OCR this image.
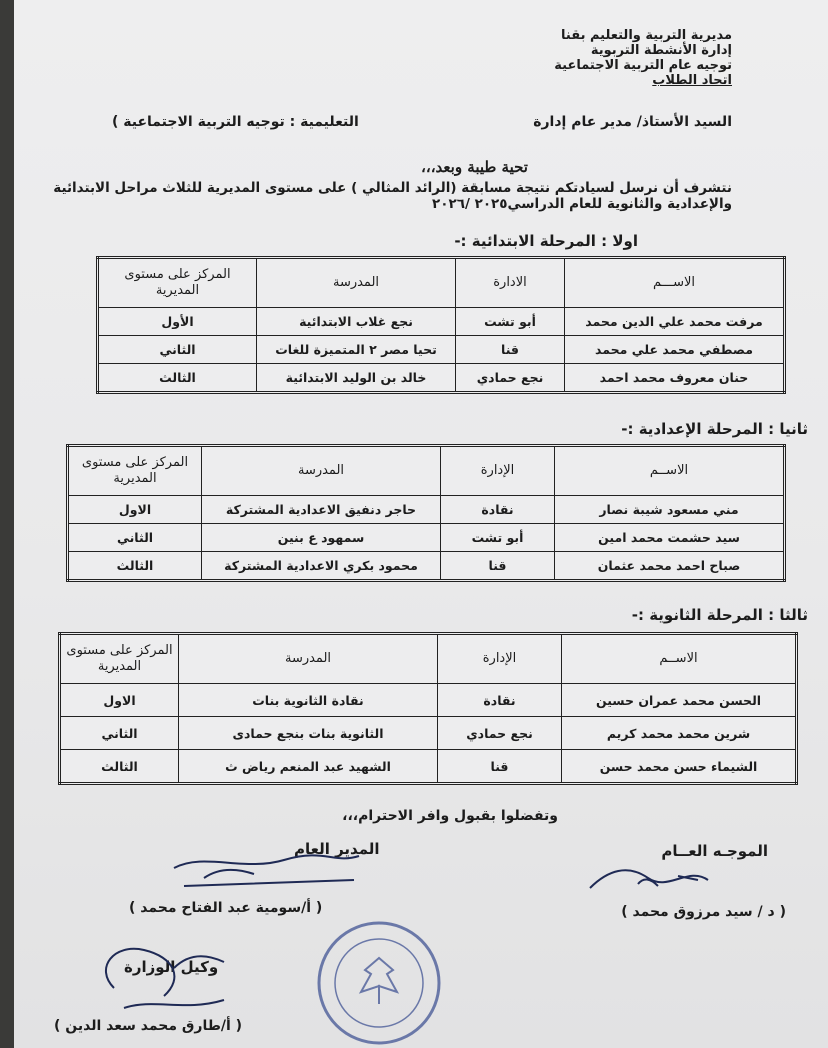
مديرية التربية والتعليم بقنا
إدارة الأنشطة التربوية
توجيه عام التربية الاجتماعية
اتحاد الطلاب
السيد الأستاذ/ مدير عام إدارة
التعليمية : توجيه التربية الاجتماعية )
تحية طيبة وبعد،،،
نتشرف أن نرسل لسيادتكم نتيجة مسابقة (الرائد المثالي ) على مستوى المديرية للثلاث مراحل الابتدائية والإعدادية والثانوية للعام الدراسي٢٠٢٥ /٢٠٢٦
اولا : المرحلة الابتدائية :-
الاســـم	الادارة	المدرسة	المركز على مستوى المديرية
مرفت محمد علي الدين محمد	أبو تشت	نجع غلاب الابتدائية	الأول
مصطفي محمد علي محمد	قنا	تحيا مصر ٢ المتميزة للغات	الثاني
حنان معروف محمد احمد	نجع حمادي	خالد بن الوليد الابتدائية	الثالث
ثانيا : المرحلة الإعدادية :-
الاســم	الإدارة	المدرسة	المركز على مستوى المديرية
مني مسعود شيبة نصار	نقادة	حاجر دنفيق الاعدادية المشتركة	الاول
سيد حشمت محمد امين	أبو تشت	سمهود ع بنين	الثاني
صباح احمد محمد عثمان	قنا	محمود بكري الاعدادية المشتركة	الثالث
ثالثا : المرحلة الثانوية :-
الاســم	الإدارة	المدرسة	المركز على مستوى المديرية
الحسن محمد عمران حسين	نقادة	نقادة الثانوية بنات	الاول
شرين محمد محمد كريم	نجع حمادي	الثانوية بنات بنجع حمادى	الثاني
الشيماء حسن محمد حسن	قنا	الشهيد عبد المنعم رياض ث	الثالث
وتفضلوا بقبول وافر الاحترام،،،
الموجـه العــام
( د / سيد مرزوق محمد )
المدير العام
( أ/سومية عبد الفتاح محمد )
وكيل الوزارة
( أ/طارق محمد سعد الدين )
